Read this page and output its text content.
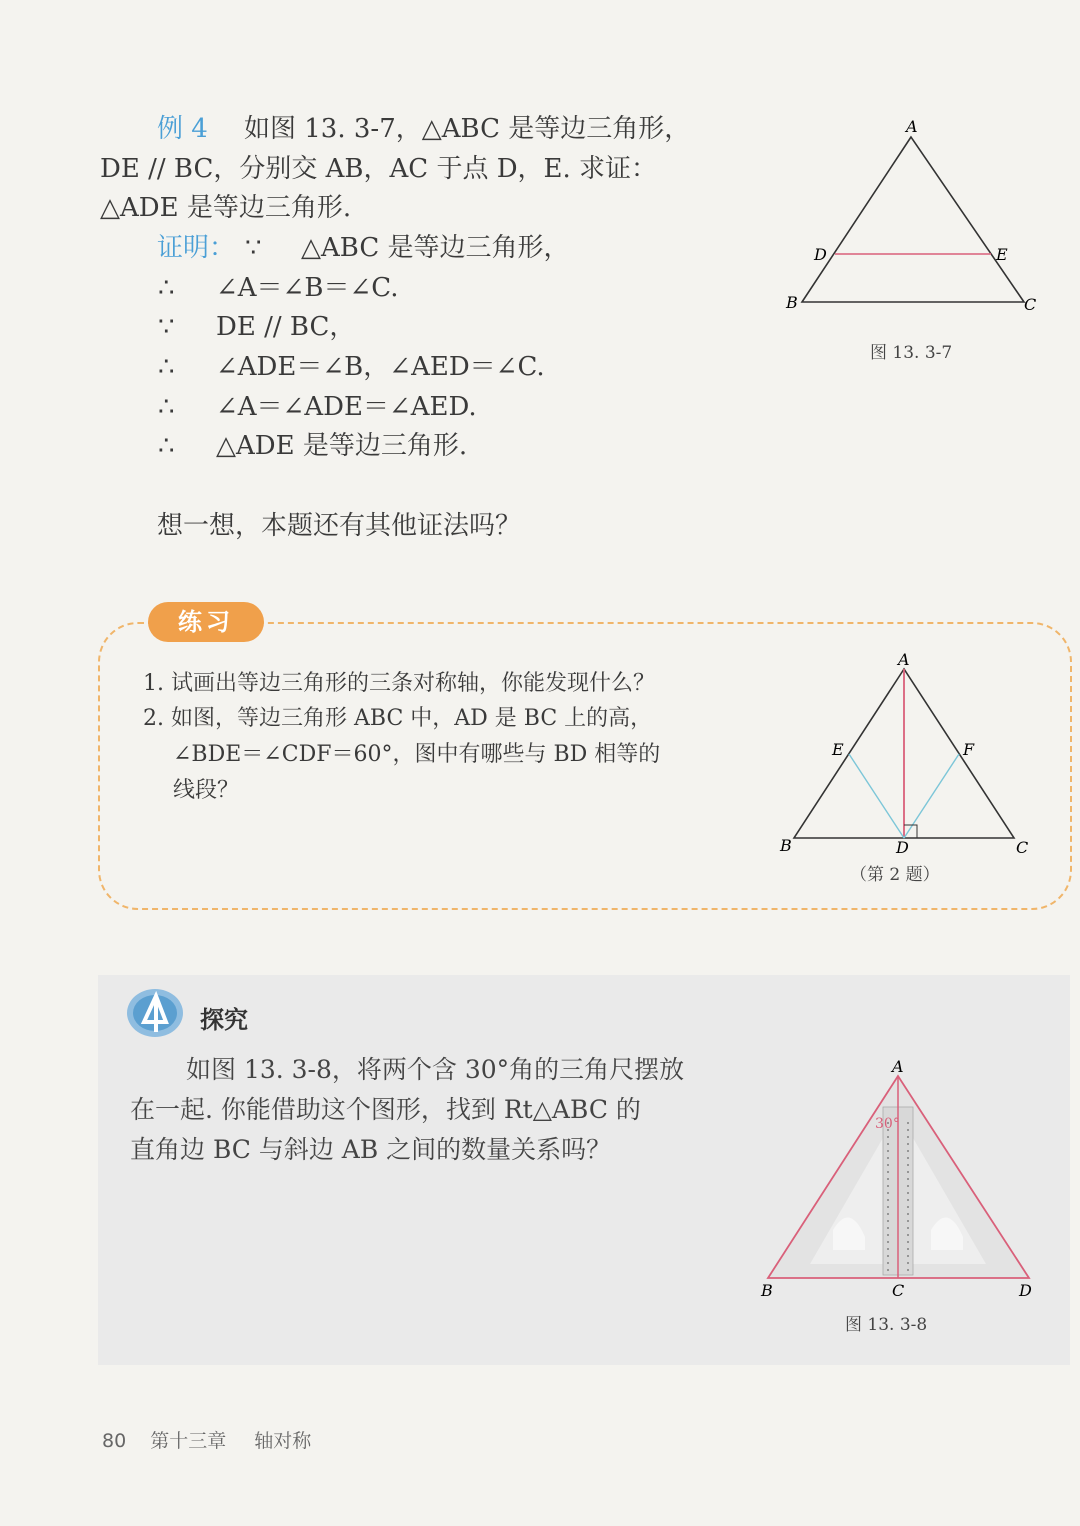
例 4 如图 13. 3-7，△ABC 是等边三角形，
DE // BC，分别交 AB，AC 于点 D，E. 求证：
△ADE 是等边三角形.
证明： ∵ △ABC 是等边三角形，
∴ ∠A＝∠B＝∠C.
∵ DE // BC，
∴ ∠ADE＝∠B，∠AED＝∠C.
∴ ∠A＝∠ADE＝∠AED.
∴ △ADE 是等边三角形.
想一想，本题还有其他证法吗？
A
D	E
B	C
图 13. 3-7
练习
1. 试画出等边三角形的三条对称轴，你能发现什么？
2. 如图，等边三角形 ABC 中，AD 是 BC 上的高，
∠BDE＝∠CDF＝60°，图中有哪些与 BD 相等的
线段？
A
E	F
B	D	C
（第 2 题）
探究
如图 13. 3-8，将两个含 30°角的三角尺摆放
在一起. 你能借助这个图形，找到 Rt△ABC 的
直角边 BC 与斜边 AB 之间的数量关系吗？
30°
A
B	C	D
图 13. 3-8
80 第十三章 轴对称
